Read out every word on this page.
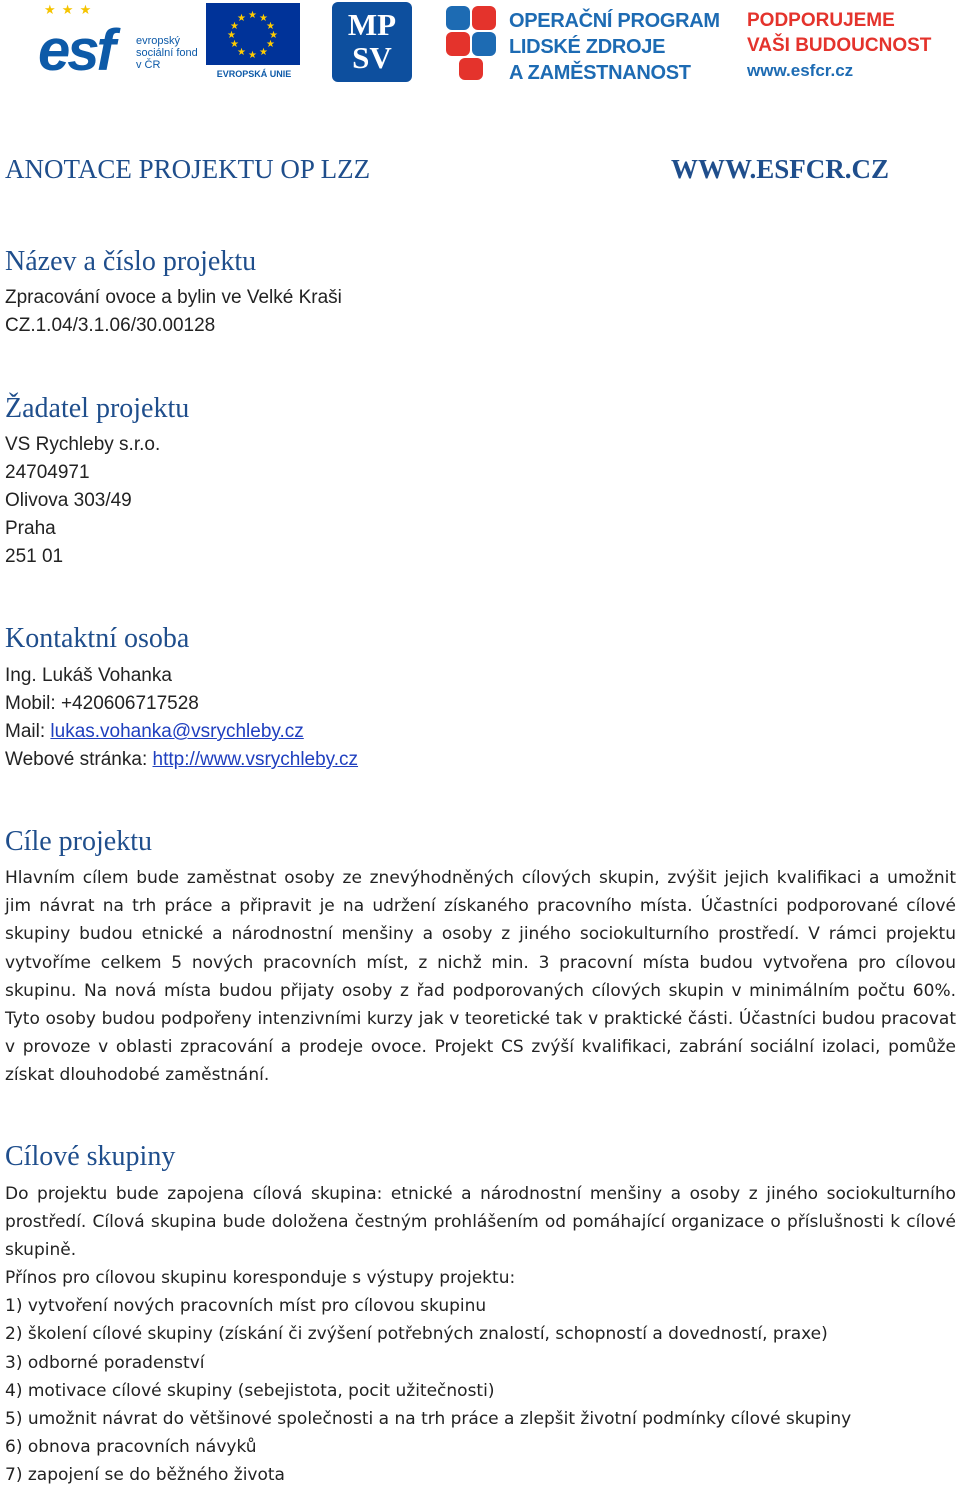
★ ★ ★
esf evropský sociální fond v ČR
★ ★
★
★
★
★
★
★
★
★
★
★
EVROPSKÁ UNIE
MP
SV
OPERAČNÍ PROGRAM
LIDSKÉ ZDROJE
A ZAMĚSTNANOST
PODPORUJEME
VAŠI BUDOUCNOST
www.esfcr.cz
ANOTACE PROJEKTU OP LZZ	WWW.ESFCR.CZ
Název a číslo projektu
Zpracování ovoce a bylin ve Velké Kraši
CZ.1.04/3.1.06/30.00128
Žadatel projektu
VS Rychleby s.r.o.
24704971
Olivova 303/49
Praha
251 01
Kontaktní osoba
Ing. Lukáš Vohanka
Mobil: +420606717528
Mail: lukas.vohanka@vsrychleby.cz
Webové stránka: http://www.vsrychleby.cz
Cíle projektu

Hlavním cílem bude zaměstnat osoby ze znevýhodněných cílových skupin, zvýšit jejich kvalifikaci a umožnit jim návrat na trh práce a připravit je na udržení získaného pracovního místa. Účastníci podporované cílové skupiny budou etnické a národnostní menšiny a osoby z jiného sociokulturního prostředí. V rámci projektu vytvoříme celkem 5 nových pracovních míst, z nichž min. 3 pracovní místa budou vytvořena pro cílovou skupinu. Na nová místa budou přijaty osoby z řad podporovaných cílových skupin v minimálním počtu 60%. Tyto osoby budou podpořeny intenzivními kurzy jak v teoretické tak v praktické části. Účastníci budou pracovat v provoze v oblasti zpracování a prodeje ovoce. Projekt CS zvýší kvalifikaci, zabrání sociální izolaci, pomůže získat dlouhodobé zaměstnání.

Cílové skupiny

Do projektu bude zapojena cílová skupina: etnické a národnostní menšiny a osoby z jiného sociokulturního prostředí. Cílová skupina bude doložena čestným prohlášením od pomáhající organizace o příslušnosti k cílové skupině.

Přínos pro cílovou skupinu koresponduje s výstupy projektu:
1) vytvoření nových pracovních míst pro cílovou skupinu
2) školení cílové skupiny (získání či zvýšení potřebných znalostí, schopností a dovedností, praxe)
3) odborné poradenství
4) motivace cílové skupiny (sebejistota, pocit užitečnosti)
5) umožnit návrat do většinové společnosti a na trh práce a zlepšit životní podmínky cílové skupiny
6) obnova pracovních návyků
7) zapojení se do běžného života
